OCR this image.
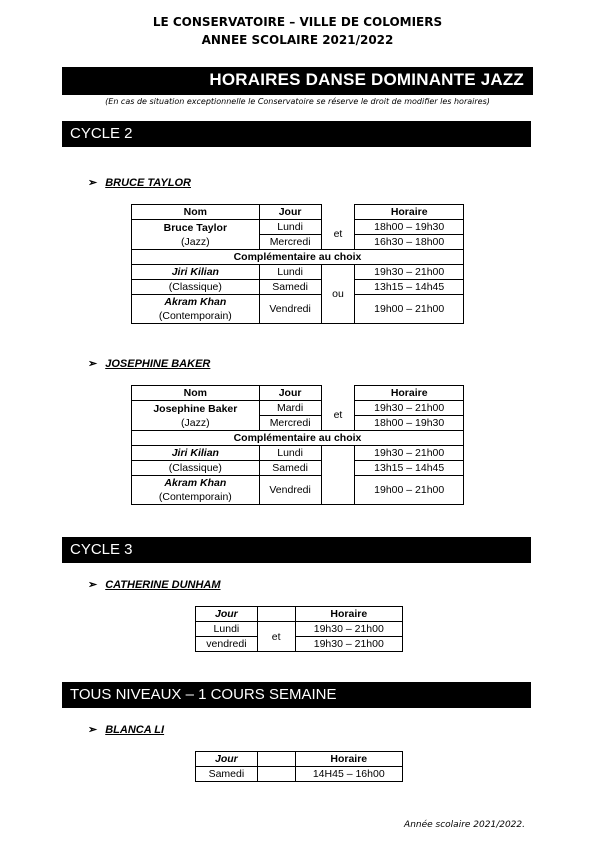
LE CONSERVATOIRE – VILLE DE COLOMIERS
ANNEE SCOLAIRE 2021/2022
HORAIRES DANSE DOMINANTE JAZZ
(En cas de situation exceptionnelle le Conservatoire se réserve le droit de modifier les horaires)
CYCLE 2
➢ BRUCE TAYLOR
Nom	Jour		Horaire

Bruce Taylor
(Jazz)	Lundi	et	18h00 – 19h30
	Mercredi		16h30 – 18h00
Complémentaire au choix			
Jiri Kilian	Lundi	ou	19h30 – 21h00
(Classique)	Samedi		13h15 – 14h45
Akram Khan	Vendredi		19h00 – 21h00
(Contemporain)			
➢ JOSEPHINE BAKER
Nom	Jour		Horaire

Josephine Baker
(Jazz)	Mardi	et	19h30 – 21h00
	Mercredi		18h00 – 19h30
Complémentaire au choix			
Jiri Kilian	Lundi		19h30 – 21h00
(Classique)	Samedi		13h15 – 14h45
Akram Khan	Vendredi		19h00 – 21h00
(Contemporain)			
CYCLE 3
➢ CATHERINE DUNHAM
Jour		Horaire
Lundi	et	19h30 – 21h00
vendredi		19h30 – 21h00
TOUS NIVEAUX – 1 COURS SEMAINE
➢ BLANCA LI
Jour		Horaire
Samedi		14H45 – 16h00
Année scolaire 2021/2022.
